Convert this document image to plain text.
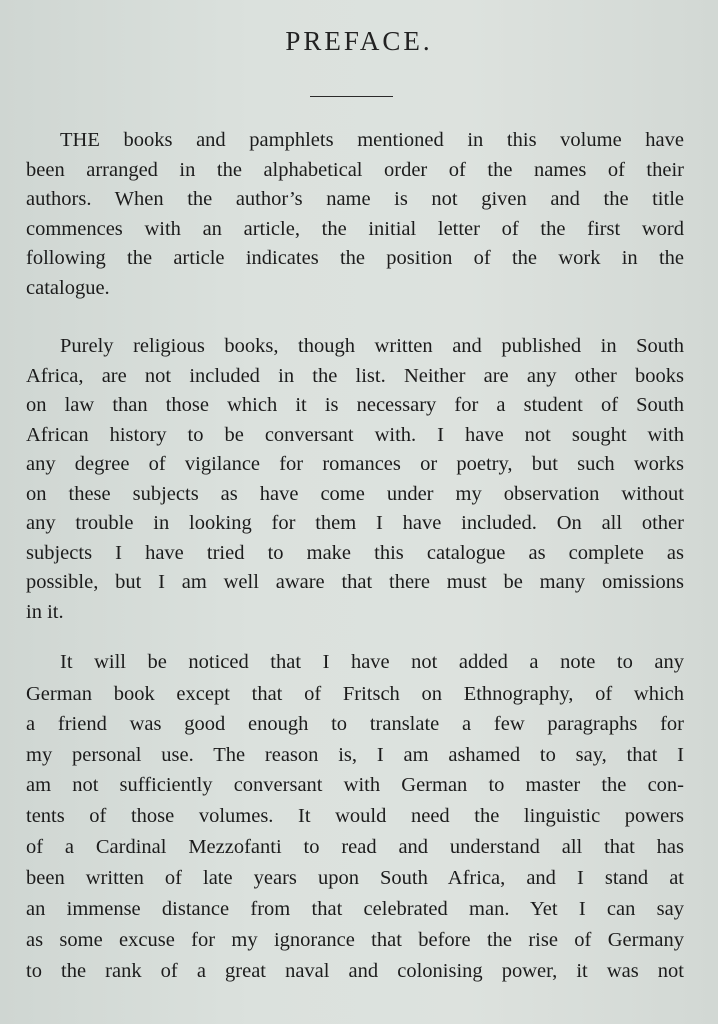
PREFACE.
THE books and pamphlets mentioned in this volume have
been arranged in the alphabetical order of the names of their
authors. When the author’s name is not given and the title
commences with an article, the initial letter of the first word
following the article indicates the position of the work in the
catalogue.
Purely religious books, though written and published in South
Africa, are not included in the list. Neither are any other books
on law than those which it is necessary for a student of South
African history to be conversant with. I have not sought with
any degree of vigilance for romances or poetry, but such works
on these subjects as have come under my observation without
any trouble in looking for them I have included. On all other
subjects I have tried to make this catalogue as complete as
possible, but I am well aware that there must be many omissions
in it.
It will be noticed that I have not added a note to any
German book except that of Fritsch on Ethnography, of which
a friend was good enough to translate a few paragraphs for
my personal use. The reason is, I am ashamed to say, that I
am not sufficiently conversant with German to master the con-
tents of those volumes. It would need the linguistic powers
of a Cardinal Mezzofanti to read and understand all that has
been written of late years upon South Africa, and I stand at
an immense distance from that celebrated man. Yet I can say
as some excuse for my ignorance that before the rise of Germany
to the rank of a great naval and colonising power, it was not
